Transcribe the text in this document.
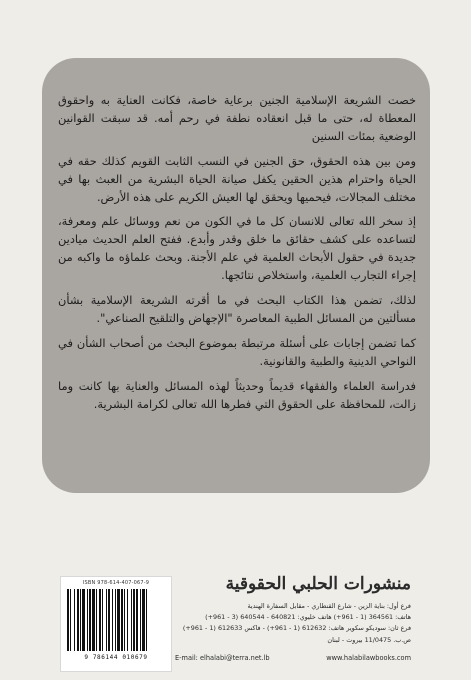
خصت الشريعة الإسلامية الجنين برعاية خاصة، فكانت العناية به واحقوق المعطاة له، حتى ما قبل انعقاده نطفة في رحم أمه. قد سبقت القوانين الوضعية بمئات السنين

ومن بين هذه الحقوق، حق الجنين في النسب الثابت القويم كذلك حقه في الحياة واحترام هذين الحقين يكفل صيانة الحياة البشرية من العبث بها في مختلف المجالات، فيحميها ويحقق لها العيش الكريم على هذه الأرض.

إذ سخر الله تعالى للانسان كل ما في الكون من نعم ووسائل علم ومعرفة، لتساعده على كشف حقائق ما خلق وقدر وأبدع. ففتح العلم الحديث ميادين جديدة في حقول الأبحاث العلمية في علم الأجنة. وبحث علماؤه ما واكبه من إجراء التجارب العلمية، واستخلاص نتائجها.

لذلك، تضمن هذا الكتاب البحث في ما أقرته الشريعة الإسلامية بشأن مسألتين من المسائل الطبية المعاصرة "الإجهاض والتلقيح الصناعي".

كما تضمن إجابات على أسئلة مرتبطة بموضوع البحث من أصحاب الشأن في النواحي الدينية والطبية والقانونية.

فدراسة العلماء والفقهاء قديماً وحديثاً لهذه المسائل والعناية بها كانت وما زالت، للمحافظة على الحقوق التي فطرها الله تعالى لكرامة البشرية.

منشورات الحلبي الحقوقية
ISBN 978-614-407-067-9
9 786144 010679
فرع أول: بناية الزين - شارع القنطاري - مقابل السفارة الهندية
هاتف: 364561 (1 - 961+) هاتف خليوي: 640821 - 640544 (3 - 961+)
فرع ثان: سوديكو سكوير هاتف: 612632 (1 - 961+) - فاكس 612633 (1 - 961+)
ص.ب. 11/0475 بيروت - لبنان
E-mail: elhalabi@terra.net.lb	www.halabilawbooks.com
